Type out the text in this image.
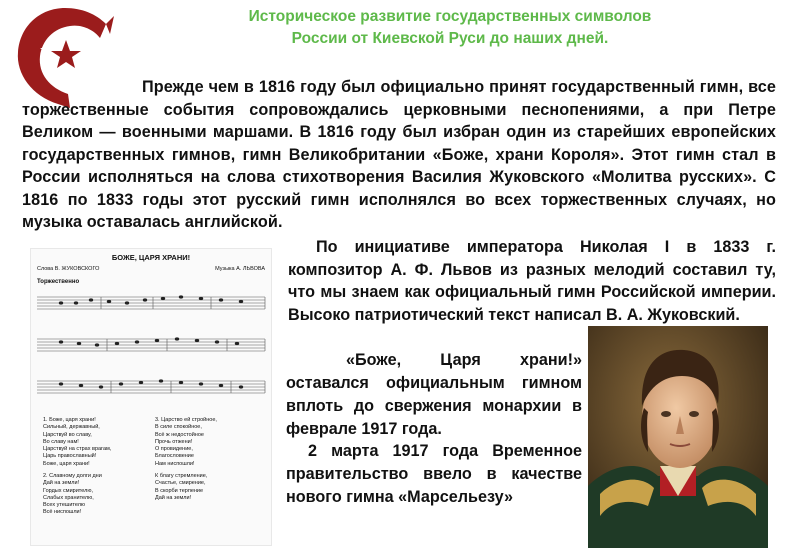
Историческое развитие государственных символов
России от Киевской Руси до наших дней.
Прежде чем в 1816 году был официально принят государственный гимн, все торжественные события сопровождались церковными песнопениями, а при Петре Великом — военными маршами. В 1816 году был избран один из старейших европейских государственных гимнов, гимн Великобритании «Боже, храни Короля». Этот гимн стал в России исполняться на слова стихотворения Василия Жуковского «Молитва русских». С 1816 по 1833 годы этот русский гимн исполнялся во всех торжественных случаях, но музыка оставалась английской.
БОЖЕ, ЦАРЯ ХРАНИ!
Слова В. ЖУКОВСКОГО	Музыка А. ЛЬВОВА
Торжественно
1. Боже, царя храни!
Сильный, державный,
Царствуй во славу,
Во славу нам!
Царствуй на страх врагам,
Царь православный!
Боже, царя храни!
3. Царство ей стройное,
В силе спокойное,
Всё ж недостойное
Прочь отжени!
О провидение,
Благословение
Нам ниспошли!
2. Славному долги дни
Дай на земли!
Гордых смирителю,
Слабых хранителю,
Всех утешителю
Всё ниспошли!
К благу стремление,
Счастье, смирение,
В скорби терпение
Дай на земли!
По инициативе императора Николая I в 1833 г. композитор А. Ф. Львов из разных мелодий составил ту, что мы знаем как официальный гимн Российской империи. Высоко патриотический текст написал В. А. Жуковский.
«Боже, Царя храни!» оставался официальным гимном вплоть до свержения монархии в феврале 1917 года.
2 марта 1917 года Временное правительство ввело в качестве нового гимна «Марсельезу»
